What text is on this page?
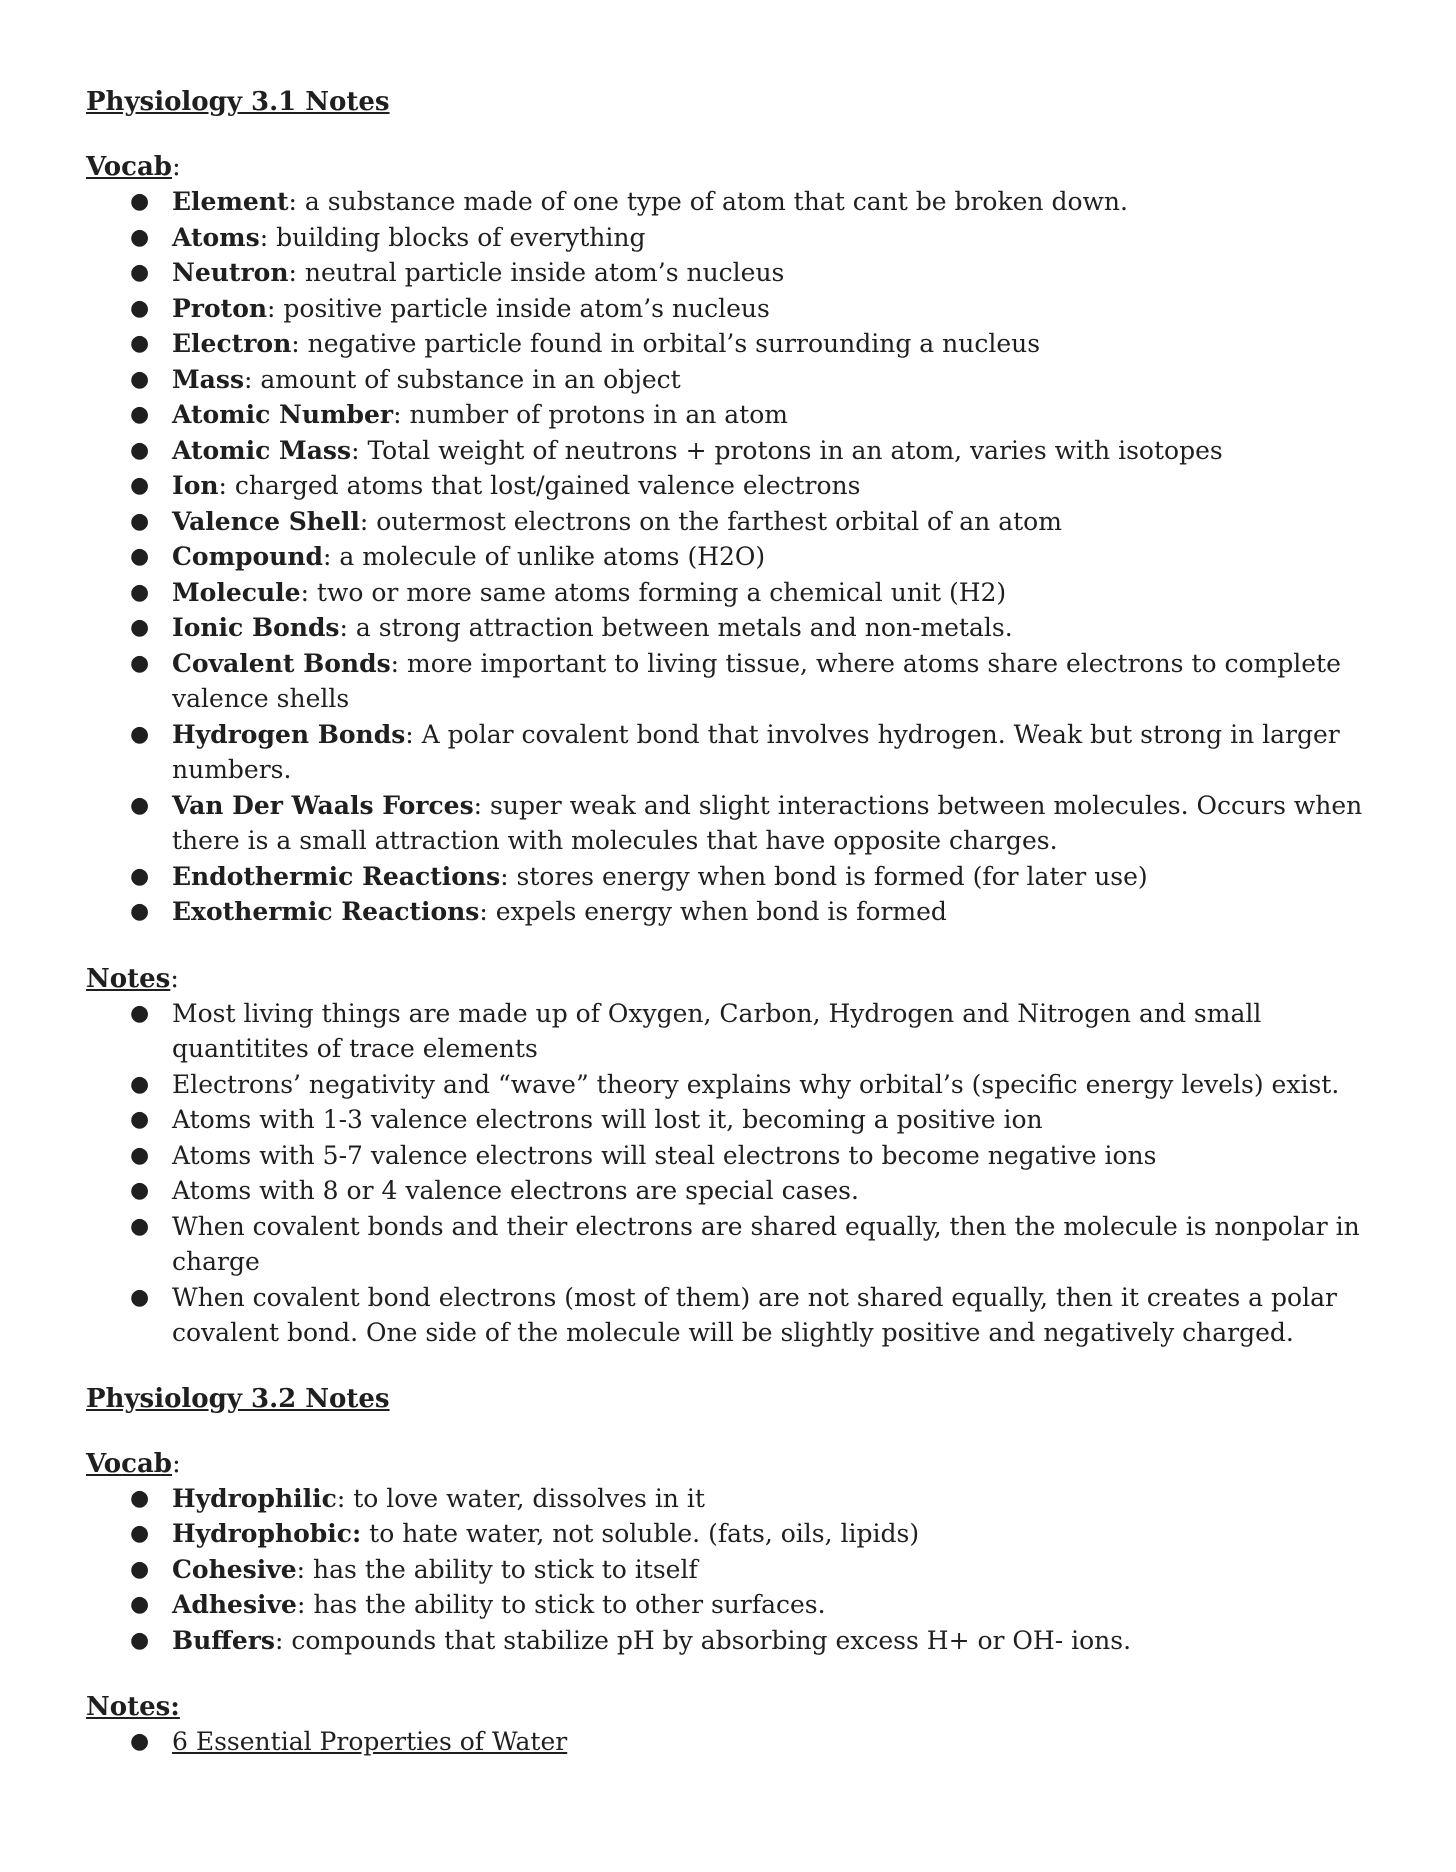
Physiology 3.1 Notes
Vocab:
● Element: a substance made of one type of atom that cant be broken down.
● Atoms: building blocks of everything
● Neutron: neutral particle inside atom’s nucleus
● Proton: positive particle inside atom’s nucleus
● Electron: negative particle found in orbital’s surrounding a nucleus
● Mass: amount of substance in an object
● Atomic Number: number of protons in an atom
● Atomic Mass: Total weight of neutrons + protons in an atom, varies with isotopes
● Ion: charged atoms that lost/gained valence electrons
● Valence Shell: outermost electrons on the farthest orbital of an atom
● Compound: a molecule of unlike atoms (H2O)
● Molecule: two or more same atoms forming a chemical unit (H2)
● Ionic Bonds: a strong attraction between metals and non-metals.
● Covalent Bonds: more important to living tissue, where atoms share electrons to complete valence shells
● Hydrogen Bonds: A polar covalent bond that involves hydrogen. Weak but strong in larger numbers.
● Van Der Waals Forces: super weak and slight interactions between molecules. Occurs when there is a small attraction with molecules that have opposite charges.
● Endothermic Reactions: stores energy when bond is formed (for later use)
● Exothermic Reactions: expels energy when bond is formed
Notes:
● Most living things are made up of Oxygen, Carbon, Hydrogen and Nitrogen and small quantitites of trace elements
● Electrons’ negativity and “wave” theory explains why orbital’s (specific energy levels) exist.
● Atoms with 1-3 valence electrons will lost it, becoming a positive ion
● Atoms with 5-7 valence electrons will steal electrons to become negative ions
● Atoms with 8 or 4 valence electrons are special cases.
● When covalent bonds and their electrons are shared equally, then the molecule is nonpolar in charge
● When covalent bond electrons (most of them) are not shared equally, then it creates a polar covalent bond. One side of the molecule will be slightly positive and negatively charged.
Physiology 3.2 Notes
Vocab:
● Hydrophilic: to love water, dissolves in it
● Hydrophobic: to hate water, not soluble. (fats, oils, lipids)
● Cohesive: has the ability to stick to itself
● Adhesive: has the ability to stick to other surfaces.
● Buffers: compounds that stabilize pH by absorbing excess H+ or OH- ions.
Notes:
● 6 Essential Properties of Water
